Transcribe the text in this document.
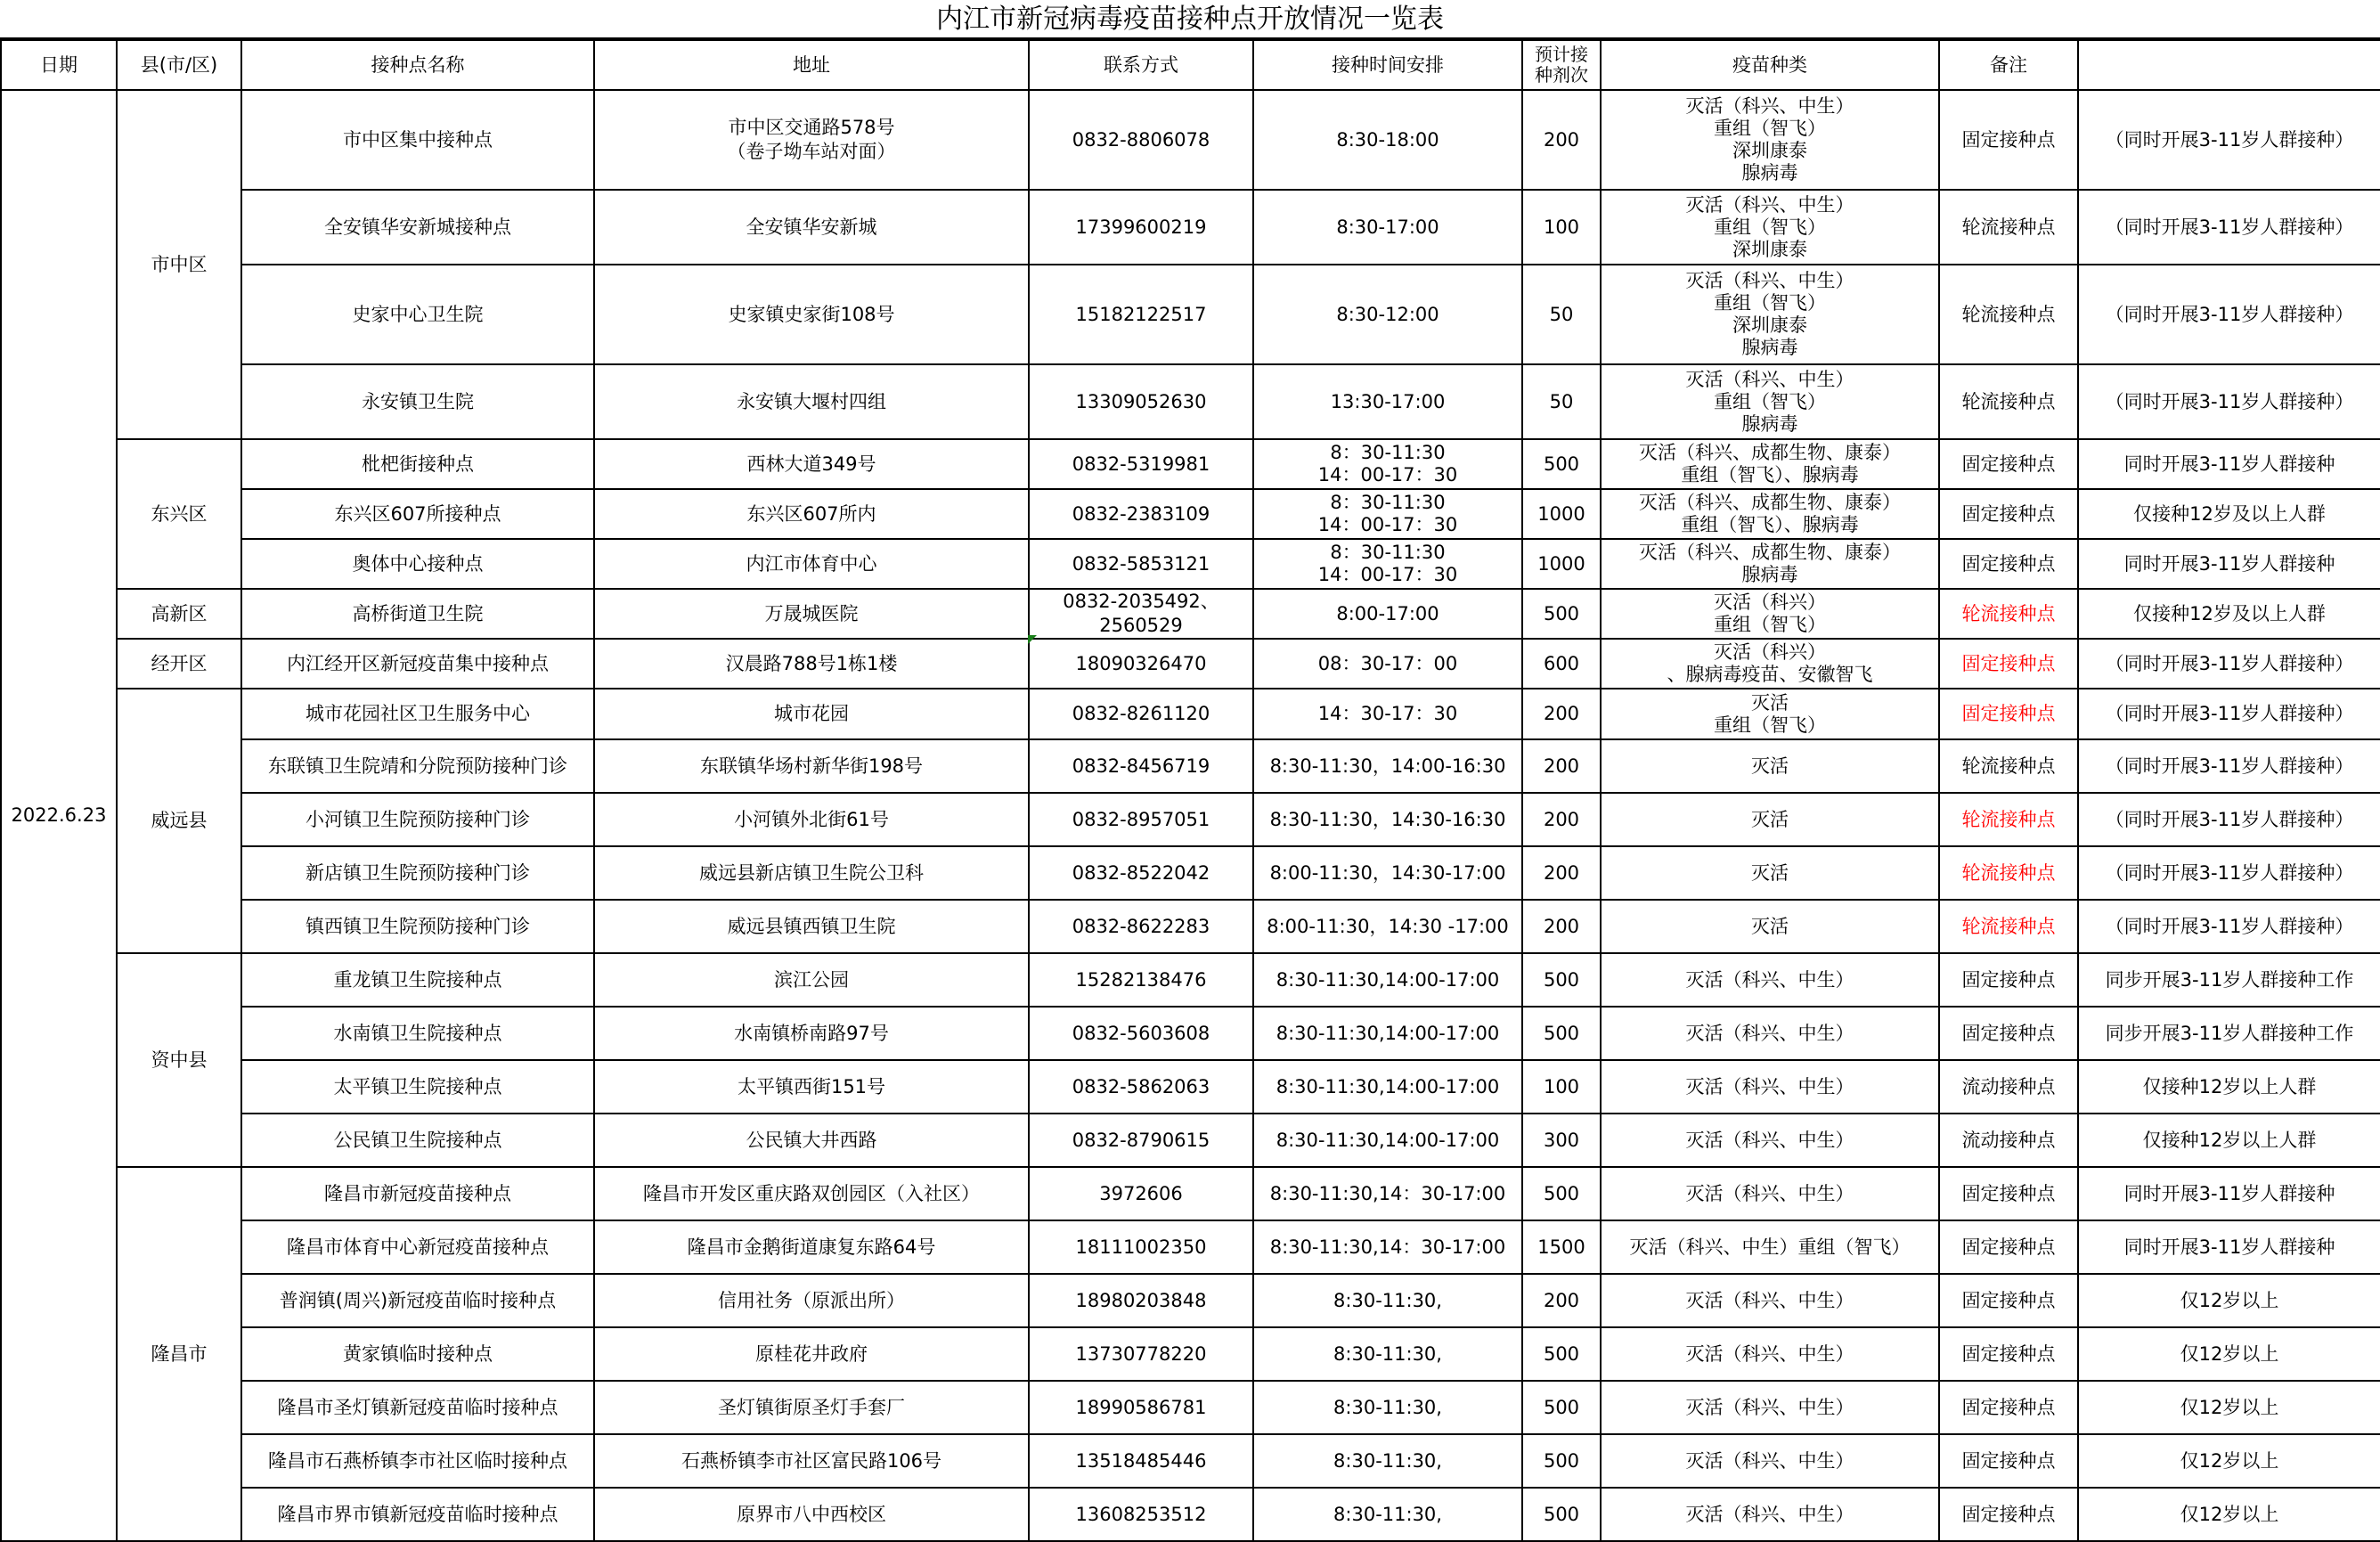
内江市新冠病毒疫苗接种点开放情况一览表
日期	县(市/区)	接种点名称	地址	联系方式	接种时间安排	预计接
种剂次	疫苗种类	备注	
2022.6.23	市中区	市中区集中接种点	市中区交通路578号
（卷子坳车站对面）	0832-8806078	8:30-18:00	200	灭活（科兴、中生）
重组（智飞）
深圳康泰
腺病毒	固定接种点	（同时开展3-11岁人群接种）
		全安镇华安新城接种点	全安镇华安新城	17399600219	8:30-17:00	100	灭活（科兴、中生）
重组（智飞）
深圳康泰	轮流接种点	（同时开展3-11岁人群接种）
		史家中心卫生院	史家镇史家街108号	15182122517	8:30-12:00	50	灭活（科兴、中生）
重组（智飞）
深圳康泰
腺病毒	轮流接种点	（同时开展3-11岁人群接种）
		永安镇卫生院	永安镇大堰村四组	13309052630	13:30-17:00	50	灭活（科兴、中生）
重组（智飞）
腺病毒	轮流接种点	（同时开展3-11岁人群接种）
	东兴区	枇杷街接种点	西林大道349号	0832-5319981	8：30-11:30
14：00-17：30	500	灭活（科兴、成都生物、康泰）
重组（智飞）、腺病毒	固定接种点	同时开展3-11岁人群接种
		东兴区607所接种点	东兴区607所内	0832-2383109	8：30-11:30
14：00-17：30	1000	灭活（科兴、成都生物、康泰）
重组（智飞）、腺病毒	固定接种点	仅接种12岁及以上人群
		奥体中心接种点	内江市体育中心	0832-5853121	8：30-11:30
14：00-17：30	1000	灭活（科兴、成都生物、康泰）
腺病毒	固定接种点	同时开展3-11岁人群接种
	高新区	高桥街道卫生院	万晟城医院	0832-2035492、2560529	8:00-17:00	500	灭活（科兴）
重组（智飞）	轮流接种点	仅接种12岁及以上人群
	经开区	内江经开区新冠疫苗集中接种点	汉晨路788号1栋1楼	18090326470	08：30-17：00	600	灭活（科兴）
、腺病毒疫苗、安徽智飞	固定接种点	（同时开展3-11岁人群接种）
	威远县	城市花园社区卫生服务中心	城市花园	0832-8261120	14：30-17：30	200	灭活
重组（智飞）	固定接种点	（同时开展3-11岁人群接种）
		东联镇卫生院靖和分院预防接种门诊	东联镇华场村新华街198号	0832-8456719	8:30-11:30，14:00-16:30	200	灭活	轮流接种点	（同时开展3-11岁人群接种）
		小河镇卫生院预防接种门诊	小河镇外北街61号	0832-8957051	8:30-11:30，14:30-16:30	200	灭活	轮流接种点	（同时开展3-11岁人群接种）
		新店镇卫生院预防接种门诊	威远县新店镇卫生院公卫科	0832-8522042	8:00-11:30，14:30-17:00	200	灭活	轮流接种点	（同时开展3-11岁人群接种）
		镇西镇卫生院预防接种门诊	威远县镇西镇卫生院	0832-8622283	8:00-11:30，14:30 -17:00	200	灭活	轮流接种点	（同时开展3-11岁人群接种）
	资中县	重龙镇卫生院接种点	滨江公园	15282138476	8:30-11:30,14:00-17:00	500	灭活（科兴、中生）	固定接种点	同步开展3-11岁人群接种工作
		水南镇卫生院接种点	水南镇桥南路97号	0832-5603608	8:30-11:30,14:00-17:00	500	灭活（科兴、中生）	固定接种点	同步开展3-11岁人群接种工作
		太平镇卫生院接种点	太平镇西街151号	0832-5862063	8:30-11:30,14:00-17:00	100	灭活（科兴、中生）	流动接种点	仅接种12岁以上人群
		公民镇卫生院接种点	公民镇大井西路	0832-8790615	8:30-11:30,14:00-17:00	300	灭活（科兴、中生）	流动接种点	仅接种12岁以上人群
	隆昌市	隆昌市新冠疫苗接种点	隆昌市开发区重庆路双创园区（入社区）	3972606	8:30-11:30,14：30-17:00	500	灭活（科兴、中生）	固定接种点	同时开展3-11岁人群接种
		隆昌市体育中心新冠疫苗接种点	隆昌市金鹅街道康复东路64号	18111002350	8:30-11:30,14：30-17:00	1500	灭活（科兴、中生）重组（智飞）	固定接种点	同时开展3-11岁人群接种
		普润镇(周兴)新冠疫苗临时接种点	信用社务（原派出所）	18980203848	8:30-11:30,	200	灭活（科兴、中生）	固定接种点	仅12岁以上
		黄家镇临时接种点	原桂花井政府	13730778220	8:30-11:30,	500	灭活（科兴、中生）	固定接种点	仅12岁以上
		隆昌市圣灯镇新冠疫苗临时接种点	圣灯镇街原圣灯手套厂	18990586781	8:30-11:30,	500	灭活（科兴、中生）	固定接种点	仅12岁以上
		隆昌市石燕桥镇李市社区临时接种点	石燕桥镇李市社区富民路106号	13518485446	8:30-11:30,	500	灭活（科兴、中生）	固定接种点	仅12岁以上
		隆昌市界市镇新冠疫苗临时接种点	原界市八中西校区	13608253512	8:30-11:30,	500	灭活（科兴、中生）	固定接种点	仅12岁以上
